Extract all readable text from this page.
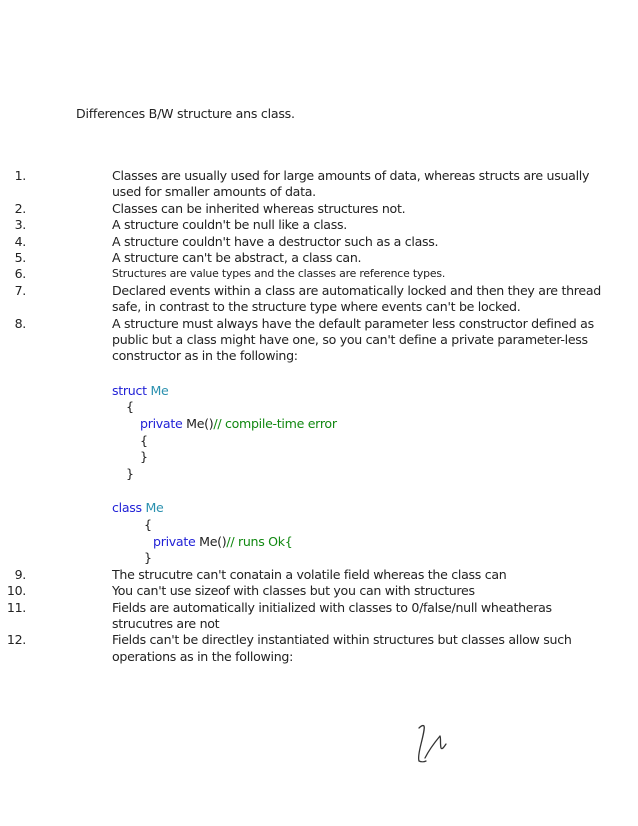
Differences B/W structure ans class.
1.	Classes are usually used for large amounts of data, whereas structs are usually
used for smaller amounts of data.
2.	Classes can be inherited whereas structures not.
3.	A structure couldn't be null like a class.
4.	A structure couldn't have a destructor such as a class.
5.	A structure can't be abstract, a class can.
6.	Structures are value types and the classes are reference types.
7.	Declared events within a class are automatically locked and then they are thread
safe, in contrast to the structure type where events can't be locked.
8.	A structure must always have the default parameter less constructor defined as
public but a class might have one, so you can't define a private parameter-less
constructor as in the following:
struct Me
{
private Me()// compile-time error
{
}
}
class Me
{
private Me()// runs Ok{
}
9.	The strucutre can't conatain a volatile field whereas the class can
10.	You can't use sizeof with classes but you can with structures
11.	Fields are automatically initialized with classes to 0/false/null wheatheras
strucutres are not
12.	Fields can't be directley instantiated within structures but classes allow such
operations as in the following:
